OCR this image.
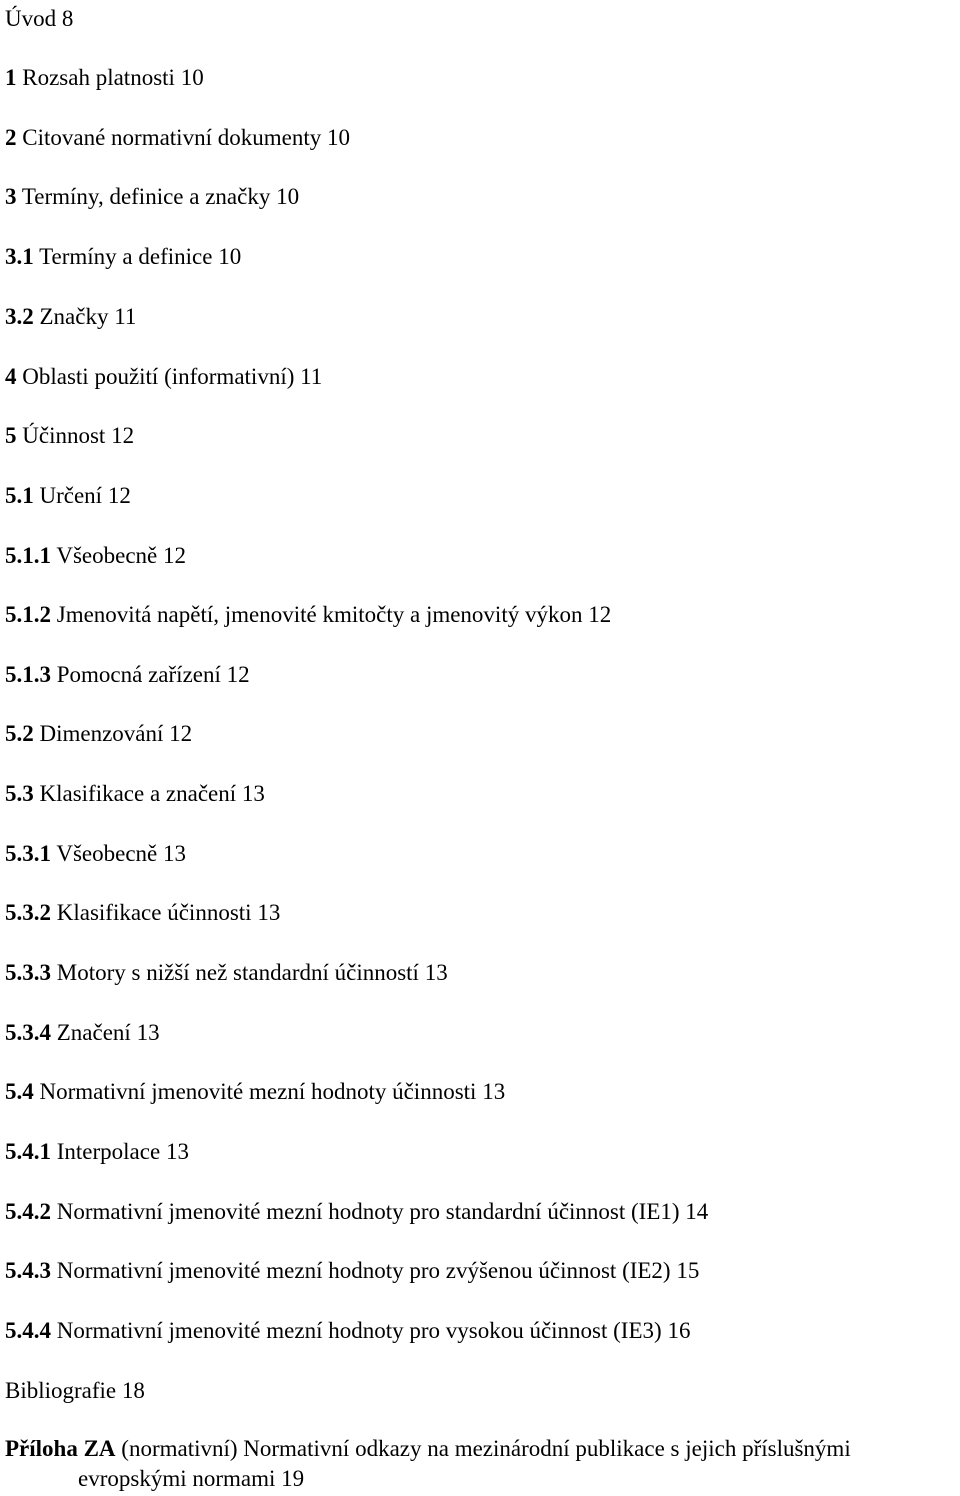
Úvod 8
1 Rozsah platnosti 10
2 Citované normativní dokumenty 10
3 Termíny, definice a značky 10
3.1 Termíny a definice 10
3.2 Značky 11
4 Oblasti použití (informativní) 11
5 Účinnost 12
5.1 Určení 12
5.1.1 Všeobecně 12
5.1.2 Jmenovitá napětí, jmenovité kmitočty a jmenovitý výkon 12
5.1.3 Pomocná zařízení 12
5.2 Dimenzování 12
5.3 Klasifikace a značení 13
5.3.1 Všeobecně 13
5.3.2 Klasifikace účinnosti 13
5.3.3 Motory s nižší než standardní účinností 13
5.3.4 Značení 13
5.4 Normativní jmenovité mezní hodnoty účinnosti 13
5.4.1 Interpolace 13
5.4.2 Normativní jmenovité mezní hodnoty pro standardní účinnost (IE1) 14
5.4.3 Normativní jmenovité mezní hodnoty pro zvýšenou účinnost (IE2) 15
5.4.4 Normativní jmenovité mezní hodnoty pro vysokou účinnost (IE3) 16
Bibliografie 18
Příloha ZA (normativní) Normativní odkazy na mezinárodní publikace s jejich příslušnými
evropskými normami 19
